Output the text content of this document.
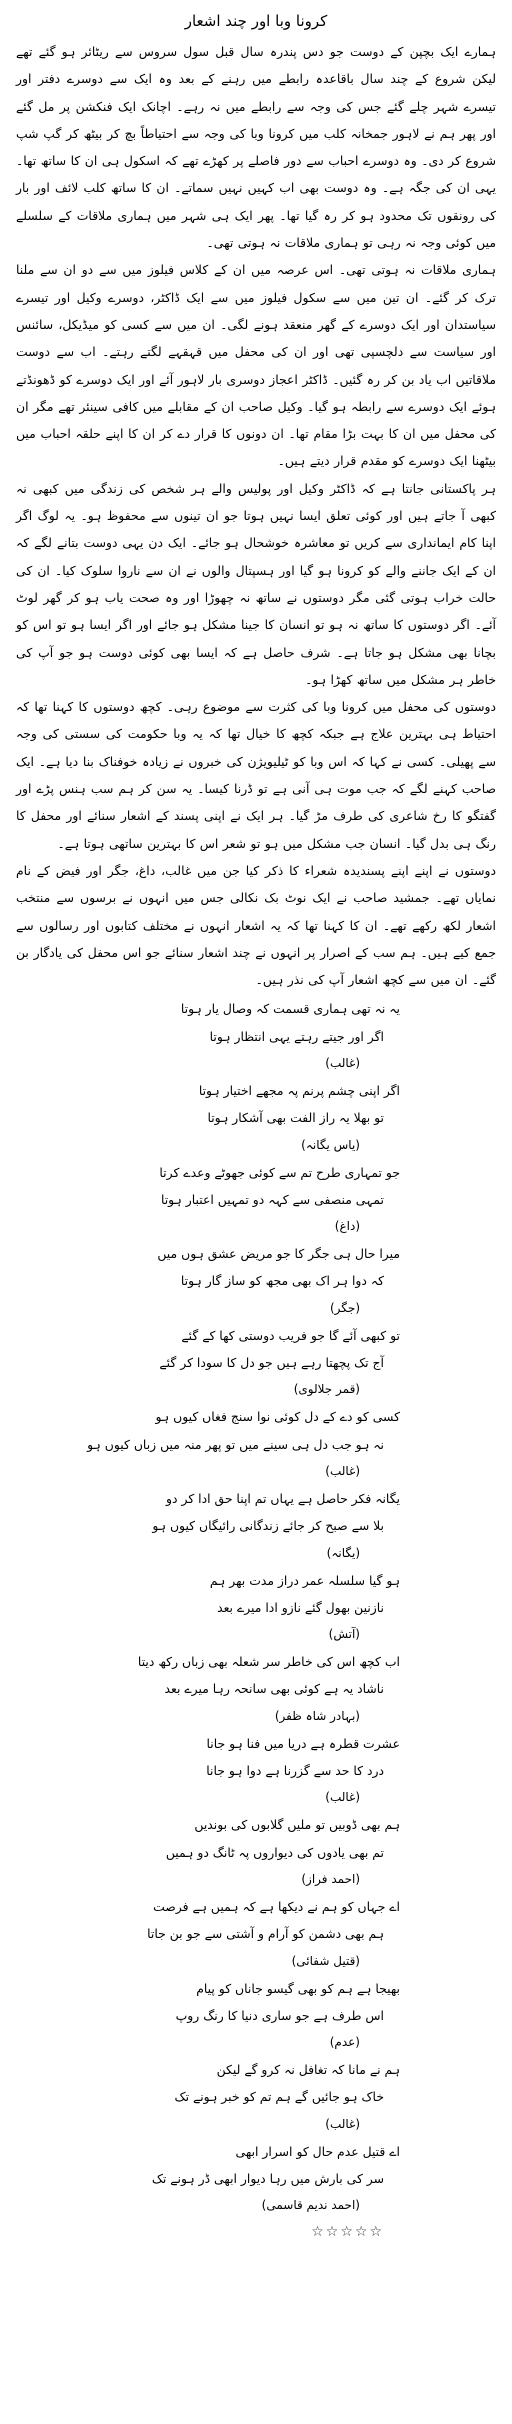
کرونا وبا اور چند اشعار

ہمارے ایک بچپن کے دوست جو دس پندرہ سال قبل سول سروس سے ریٹائر ہو گئے تھے لیکن شروع کے چند سال باقاعدہ رابطے میں رہنے کے بعد وہ ایک سے دوسرے دفتر اور تیسرے شہر چلے گئے جس کی وجہ سے رابطے میں نہ رہے۔ اچانک ایک فنکشن پر مل گئے اور پھر ہم نے لاہور جمخانہ کلب میں کرونا وبا کی وجہ سے احتیاطاً بچ کر بیٹھ کر گپ شپ شروع کر دی۔ وہ دوسرے احباب سے دور فاصلے پر کھڑے تھے کہ اسکول ہی ان کا ساتھ تھا۔ یہی ان کی جگہ ہے۔ وہ دوست بھی اب کہیں نہیں سماتے۔ ان کا ساتھ کلب لائف اور بار کی رونقوں تک محدود ہو کر رہ گیا تھا۔ پھر ایک ہی شہر میں ہماری ملاقات کے سلسلے میں کوئی وجہ نہ رہی تو ہماری ملاقات نہ ہوتی تھی۔

ہماری ملاقات نہ ہوتی تھی۔ اس عرصہ میں ان کے کلاس فیلوز میں سے دو ان سے ملنا ترک کر گئے۔ ان تین میں سے سکول فیلوز میں سے ایک ڈاکٹر، دوسرے وکیل اور تیسرے سیاستدان اور ایک دوسرے کے گھر منعقد ہونے لگی۔ ان میں سے کسی کو میڈیکل، سائنس اور سیاست سے دلچسپی تھی اور ان کی محفل میں قہقہے لگتے رہتے۔ اب سے دوست ملاقاتیں اب یاد بن کر رہ گئیں۔ ڈاکٹر اعجاز دوسری بار لاہور آئے اور ایک دوسرے کو ڈھونڈتے ہوئے ایک دوسرے سے رابطہ ہو گیا۔ وکیل صاحب ان کے مقابلے میں کافی سینئر تھے مگر ان کی محفل میں ان کا بہت بڑا مقام تھا۔ ان دونوں کا قرار دے کر ان کا اپنے حلقہ احباب میں بیٹھنا ایک دوسرے کو مقدم قرار دیتے ہیں۔

ہر پاکستانی جانتا ہے کہ ڈاکٹر وکیل اور پولیس والے ہر شخص کی زندگی میں کبھی نہ کبھی آ جاتے ہیں اور کوئی تعلق ایسا نہیں ہوتا جو ان تینوں سے محفوظ ہو۔ یہ لوگ اگر اپنا کام ایمانداری سے کریں تو معاشرہ خوشحال ہو جائے۔ ایک دن یہی دوست بتانے لگے کہ ان کے ایک جاننے والے کو کرونا ہو گیا اور ہسپتال والوں نے ان سے ناروا سلوک کیا۔ ان کی حالت خراب ہوتی گئی مگر دوستوں نے ساتھ نہ چھوڑا اور وہ صحت یاب ہو کر گھر لوٹ آئے۔ اگر دوستوں کا ساتھ نہ ہو تو انسان کا جینا مشکل ہو جائے اور اگر ایسا ہو تو اس کو بچانا بھی مشکل ہو جاتا ہے۔ شرف حاصل ہے کہ ایسا بھی کوئی دوست ہو جو آپ کی خاطر ہر مشکل میں ساتھ کھڑا ہو۔

دوستوں کی محفل میں کرونا وبا کی کثرت سے موضوع رہی۔ کچھ دوستوں کا کہنا تھا کہ احتیاط ہی بہترین علاج ہے جبکہ کچھ کا خیال تھا کہ یہ وبا حکومت کی سستی کی وجہ سے پھیلی۔ کسی نے کہا کہ اس وبا کو ٹیلیویژن کی خبروں نے زیادہ خوفناک بنا دیا ہے۔ ایک صاحب کہنے لگے کہ جب موت ہی آنی ہے تو ڈرنا کیسا۔ یہ سن کر ہم سب ہنس پڑے اور گفتگو کا رخ شاعری کی طرف مڑ گیا۔ ہر ایک نے اپنی پسند کے اشعار سنائے اور محفل کا رنگ ہی بدل گیا۔ انسان جب مشکل میں ہو تو شعر اس کا بہترین ساتھی ہوتا ہے۔

دوستوں نے اپنے اپنے پسندیدہ شعراء کا ذکر کیا جن میں غالب، داغ، جگر اور فیض کے نام نمایاں تھے۔ جمشید صاحب نے ایک نوٹ بک نکالی جس میں انہوں نے برسوں سے منتخب اشعار لکھ رکھے تھے۔ ان کا کہنا تھا کہ یہ اشعار انہوں نے مختلف کتابوں اور رسالوں سے جمع کیے ہیں۔ ہم سب کے اصرار پر انہوں نے چند اشعار سنائے جو اس محفل کی یادگار بن گئے۔ ان میں سے کچھ اشعار آپ کی نذر ہیں۔

یہ نہ تھی ہماری قسمت کہ وصال یار ہوتا
اگر اور جیتے رہتے یہی انتظار ہوتا
(غالب)
اگر اپنی چشم پرنم پہ مجھے اختیار ہوتا
تو بھلا یہ راز الفت بھی آشکار ہوتا
(یاس یگانہ)
جو تمہاری طرح تم سے کوئی جھوٹے وعدے کرتا
تمہی منصفی سے کہہ دو تمہیں اعتبار ہوتا
(داغ)
میرا حال ہی جگر کا جو مریض عشق ہوں میں
کہ دوا ہر اک بھی مجھ کو ساز گار ہوتا
(جگر)
تو کبھی آئے گا جو فریب دوستی کھا کے گئے
آج تک پچھتا رہے ہیں جو دل کا سودا کر گئے
(قمر جلالوی)
کسی کو دے کے دل کوئی نوا سنج فغاں کیوں ہو
نہ ہو جب دل ہی سینے میں تو پھر منہ میں زباں کیوں ہو
(غالب)
یگانہ فکر حاصل ہے یہاں تم اپنا حق ادا کر دو
بلا سے صبح کر جائے زندگانی رائیگاں کیوں ہو
(یگانہ)
ہو گیا سلسلہ عمر دراز مدت بھر ہم
نازنین بھول گئے نازو ادا میرے بعد
(آتش)
اب کچھ اس کی خاطر سر شعلہ بھی زباں رکھ دیتا
ناشاد یہ ہے کوئی بھی سانحہ رہا میرے بعد
(بہادر شاہ ظفر)
عشرت قطرہ ہے دریا میں فنا ہو جانا
درد کا حد سے گزرنا ہے دوا ہو جانا
(غالب)
ہم بھی ڈوبیں تو ملیں گلابوں کی بوندیں
تم بھی یادوں کی دیواروں پہ ٹانگ دو ہمیں
(احمد فراز)
اے جہاں کو ہم نے دیکھا ہے کہ ہمیں ہے فرصت
ہم بھی دشمن کو آرام و آشتی سے جو بن جاتا
(قتیل شفائی)
بھیجا ہے ہم کو بھی گیسو جاناں کو پیام
اس طرف ہے جو ساری دنیا کا رنگ روپ
(عدم)
ہم نے مانا کہ تغافل نہ کرو گے لیکن
خاک ہو جائیں گے ہم تم کو خبر ہونے تک
(غالب)
اے قتیل عدم حال کو اسرار ابھی
سر کی بارش میں رہا دیوار ابھی ڈر ہونے تک
(احمد ندیم قاسمی)
☆☆☆☆☆
